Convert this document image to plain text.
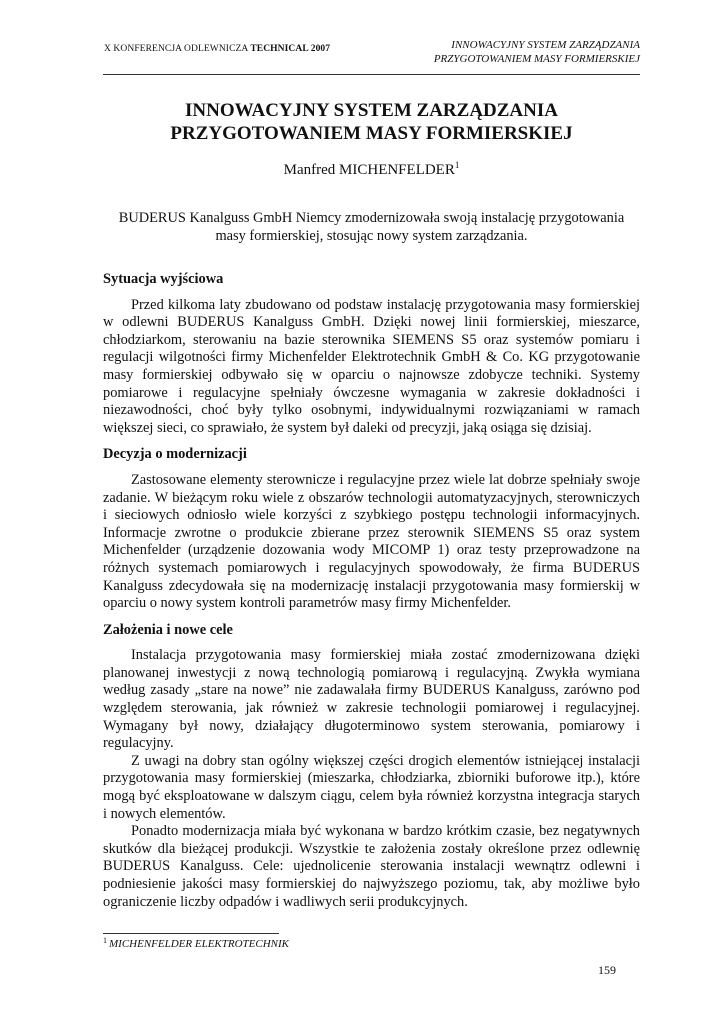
X KONFERENCJA ODLEWNICZA TECHNICAL 2007	INNOWACYJNY SYSTEM ZARZĄDZANIA
PRZYGOTOWANIEM MASY FORMIERSKIEJ
INNOWACYJNY SYSTEM ZARZĄDZANIA
PRZYGOTOWANIEM MASY FORMIERSKIEJ
Manfred MICHENFELDER$^1$
BUDERUS Kanalguss GmbH Niemcy zmodernizowała swoją instalację przygotowania
masy formierskiej, stosując nowy system zarządzania.
Sytuacja wyjściowa

Przed kilkoma laty zbudowano od podstaw instalację przygotowania masy formierskiej w odlewni BUDERUS Kanalguss GmbH. Dzięki nowej linii formierskiej, mieszarce, chłodziarkom, sterowaniu na bazie sterownika SIEMENS S5 oraz systemów pomiaru i regulacji wilgotności firmy Michenfelder Elektrotechnik GmbH & Co. KG przygotowanie masy formierskiej odbywało się w oparciu o najnowsze zdobycze techniki. Systemy pomiarowe i regulacyjne spełniały ówczesne wymagania w zakresie dokładności i niezawodności, choć były tylko osobnymi, indywidualnymi rozwiązaniami w ramach większej sieci, co sprawiało, że system był daleki od precyzji, jaką osiąga się dzisiaj.

Decyzja o modernizacji

Zastosowane elementy sterownicze i regulacyjne przez wiele lat dobrze spełniały swoje zadanie. W bieżącym roku wiele z obszarów technologii automatyzacyjnych, sterowniczych i sieciowych odniosło wiele korzyści z szybkiego postępu technologii informacyjnych. Informacje zwrotne o produkcie zbierane przez sterownik SIEMENS S5 oraz system Michenfelder (urządzenie dozowania wody MICOMP 1) oraz testy przeprowadzone na różnych systemach pomiarowych i regulacyjnych spowodowały, że firma BUDERUS Kanalguss zdecydowała się na modernizację instalacji przygotowania masy formierskij w oparciu o nowy system kontroli parametrów masy firmy Michenfelder.

Założenia i nowe cele

Instalacja przygotowania masy formierskiej miała zostać zmodernizowana dzięki planowanej inwestycji z nową technologią pomiarową i regulacyjną. Zwykła wymiana według zasady „stare na nowe” nie zadawalała firmy BUDERUS Kanalguss, zarówno pod względem sterowania, jak również w zakresie technologii pomiarowej i regulacyjnej. Wymagany był nowy, działający długoterminowo system sterowania, pomiarowy i regulacyjny.

Z uwagi na dobry stan ogólny większej części drogich elementów istniejącej instalacji przygotowania masy formierskiej (mieszarka, chłodziarka, zbiorniki buforowe itp.), które mogą być eksploatowane w dalszym ciągu, celem była również korzystna integracja starych i nowych elementów.

Ponadto modernizacja miała być wykonana w bardzo krótkim czasie, bez negatywnych skutków dla bieżącej produkcji. Wszystkie te założenia zostały określone przez odlewnię BUDERUS Kanalguss. Cele: ujednolicenie sterowania instalacji wewnątrz odlewni i podniesienie jakości masy formierskiej do najwyższego poziomu, tak, aby możliwe było ograniczenie liczby odpadów i wadliwych serii produkcyjnych.

$^1$ MICHENFELDER ELEKTROTECHNIK
159
